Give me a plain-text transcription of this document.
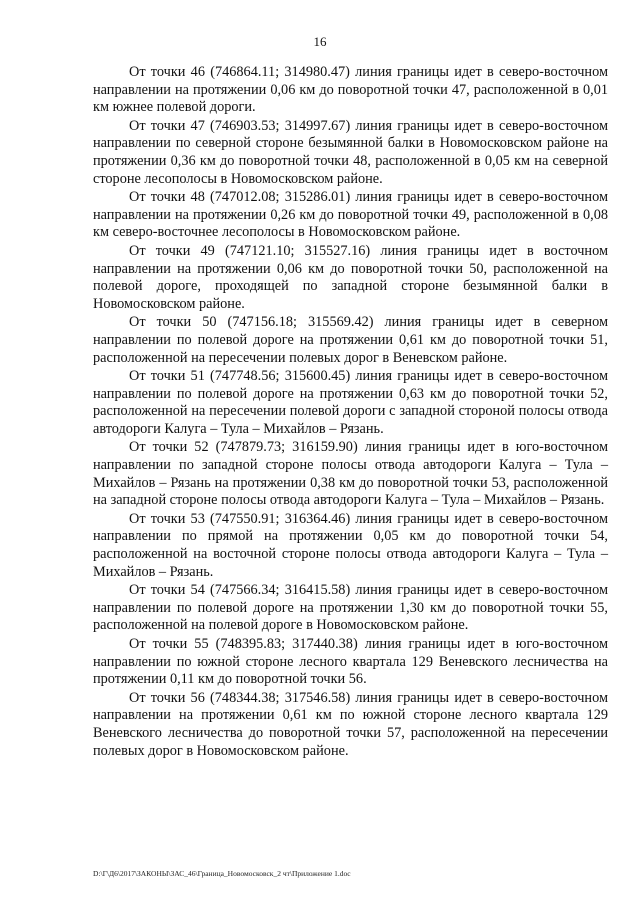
16

От точки 46 (746864.11; 314980.47) линия границы идет в северо-восточном направлении на протяжении 0,06 км до поворотной точки 47, расположенной в 0,01 км южнее полевой дороги.

От точки 47 (746903.53; 314997.67) линия границы идет в северо-восточном направлении по северной стороне безымянной балки в Новомосковском районе на протяжении 0,36 км до поворотной точки 48, расположенной в 0,05 км на северной стороне лесополосы в Новомосковском районе.

От точки 48 (747012.08; 315286.01) линия границы идет в северо-восточном направлении на протяжении 0,26 км до поворотной точки 49, расположенной в 0,08 км северо-восточнее лесополосы в Новомосковском районе.

От точки 49 (747121.10; 315527.16) линия границы идет в восточном направлении на протяжении 0,06 км до поворотной точки 50, расположенной на полевой дороге, проходящей по западной стороне безымянной балки в Новомосковском районе.

От точки 50 (747156.18; 315569.42) линия границы идет в северном направлении по полевой дороге на протяжении 0,61 км до поворотной точки 51, расположенной на пересечении полевых дорог в Веневском районе.

От точки 51 (747748.56; 315600.45) линия границы идет в северо-восточном направлении по полевой дороге на протяжении 0,63 км до поворотной точки 52, расположенной на пересечении полевой дороги с западной стороной полосы отвода автодороги Калуга – Тула – Михайлов – Рязань.

От точки 52 (747879.73; 316159.90) линия границы идет в юго-восточном направлении по западной стороне полосы отвода автодороги Калуга – Тула – Михайлов – Рязань на протяжении 0,38 км до поворотной точки 53, расположенной на западной стороне полосы отвода автодороги Калуга – Тула – Михайлов – Рязань.

От точки 53 (747550.91; 316364.46) линия границы идет в северо-восточном направлении по прямой на протяжении 0,05 км до поворотной точки 54, расположенной на восточной стороне полосы отвода автодороги Калуга – Тула – Михайлов – Рязань.

От точки 54 (747566.34; 316415.58) линия границы идет в северо-восточном направлении по полевой дороге на протяжении 1,30 км до поворотной точки 55, расположенной на полевой дороге в Новомосковском районе.

От точки 55 (748395.83; 317440.38) линия границы идет в юго-восточном направлении по южной стороне лесного квартала 129 Веневского лесничества на протяжении 0,11 км до поворотной точки 56.

От точки 56 (748344.38; 317546.58) линия границы идет в северо-восточном направлении на протяжении 0,61 км по южной стороне лесного квартала 129 Веневского лесничества до поворотной точки 57, расположенной на пересечении полевых дорог в Новомосковском районе.

D:\Г\Д6\2017\ЗАКОНЫ\ЗАС_46\Граница_Новомосковск_2 чт\Приложение 1.doc
